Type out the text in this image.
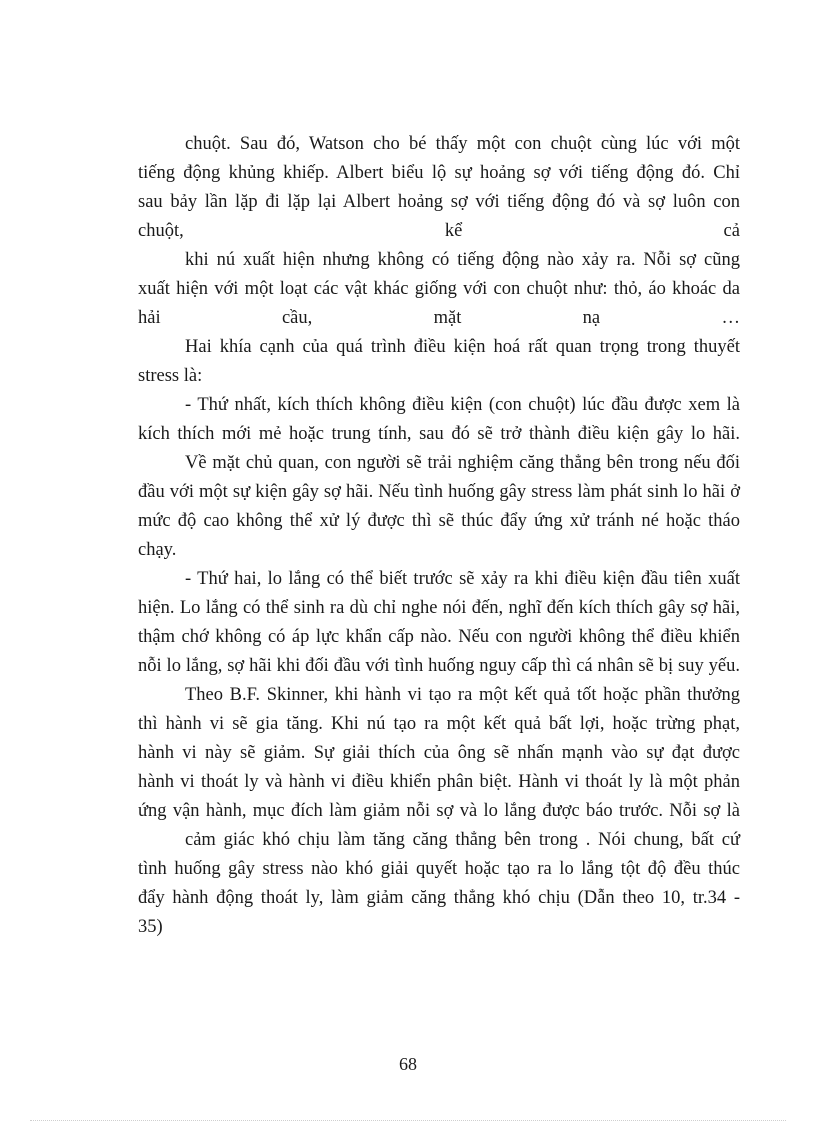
chuột. Sau đó, Watson cho bé thấy một con chuột cùng lúc với một
tiếng động khủng khiếp. Albert biểu lộ sự hoảng sợ với tiếng động đó. Chỉ
sau bảy lần lặp đi lặp lại Albert hoảng sợ với tiếng động đó và sợ luôn con
chuột, kể cả
khi nú xuất hiện nhưng không có tiếng động nào xảy ra. Nỗi sợ cũng
xuất hiện với một loạt các vật khác giống với con chuột như: thỏ, áo khoác da
hải cầu, mặt nạ …
Hai khía cạnh của quá trình điều kiện hoá rất quan trọng trong thuyết
stress là:
- Thứ nhất, kích thích không điều kiện (con chuột) lúc đầu được xem là
kích thích mới mẻ hoặc trung tính, sau đó sẽ trở thành điều kiện gây lo hãi.
Về mặt chủ quan, con người sẽ trải nghiệm căng thẳng bên trong nếu đối
đầu với một sự kiện gây sợ hãi. Nếu tình huống gây stress làm phát sinh lo hãi ở
mức độ cao không thể xử lý được thì sẽ thúc đẩy ứng xử tránh né hoặc tháo
chạy.
- Thứ hai, lo lắng có thể biết trước sẽ xảy ra khi điều kiện đầu tiên xuất
hiện. Lo lắng có thể sinh ra dù chỉ nghe nói đến, nghĩ đến kích thích gây sợ hãi,
thậm chớ không có áp lực khẩn cấp nào. Nếu con người không thể điều khiển
nỗi lo lắng, sợ hãi khi đối đầu với tình huống nguy cấp thì cá nhân sẽ bị suy yếu.
Theo B.F. Skinner, khi hành vi tạo ra một kết quả tốt hoặc phần thưởng
thì hành vi sẽ gia tăng. Khi nú tạo ra một kết quả bất lợi, hoặc trừng phạt,
hành vi này sẽ giảm. Sự giải thích của ông sẽ nhấn mạnh vào sự đạt được
hành vi thoát ly và hành vi điều khiển phân biệt. Hành vi thoát ly là một phản
ứng vận hành, mục đích làm giảm nỗi sợ và lo lắng được báo trước. Nỗi sợ là
cảm giác khó chịu làm tăng căng thẳng bên trong . Nói chung, bất cứ
tình huống gây stress nào khó giải quyết hoặc tạo ra lo lắng tột độ đều thúc
đẩy hành động thoát ly, làm giảm căng thẳng khó chịu (Dẫn theo 10, tr.34 -
35)
68
